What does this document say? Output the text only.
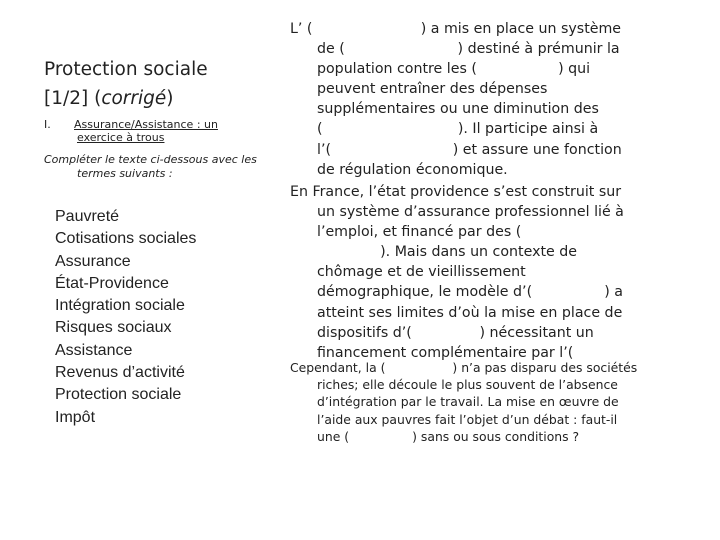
Protection sociale
[1/2] (corrigé)
I. Assurance/Assistance : un
exercice à trous
Compléter le texte ci-dessous avec les
termes suivants :
Pauvreté
Cotisations sociales
Assurance
État-Providence
Intégration sociale
Risques sociaux
Assistance
Revenus d’activité
Protection sociale
Impôt
L’ (                        ) a mis en place un système
de (                         ) destiné à prémunir la
population contre les (                  ) qui
peuvent entraîner des dépenses
supplémentaires ou une diminution des
(                              ). Il participe ainsi à
l’(                           ) et assure une fonction
de régulation économique.
En France, l’état providence s’est construit sur
un système d’assurance professionnel lié à
l’emploi, et financé par des (
). Mais dans un contexte de
chômage et de vieillissement
démographique, le modèle d’(                ) a
atteint ses limites d’où la mise en place de
dispositifs d’(               ) nécessitant un
financement complémentaire par l’(
Cependant, la (                 ) n’a pas disparu des sociétés
riches; elle découle le plus souvent de l’absence
d’intégration par le travail. La mise en œuvre de
l’aide aux pauvres fait l’objet d’un débat : faut-il
une (                ) sans ou sous conditions ?
